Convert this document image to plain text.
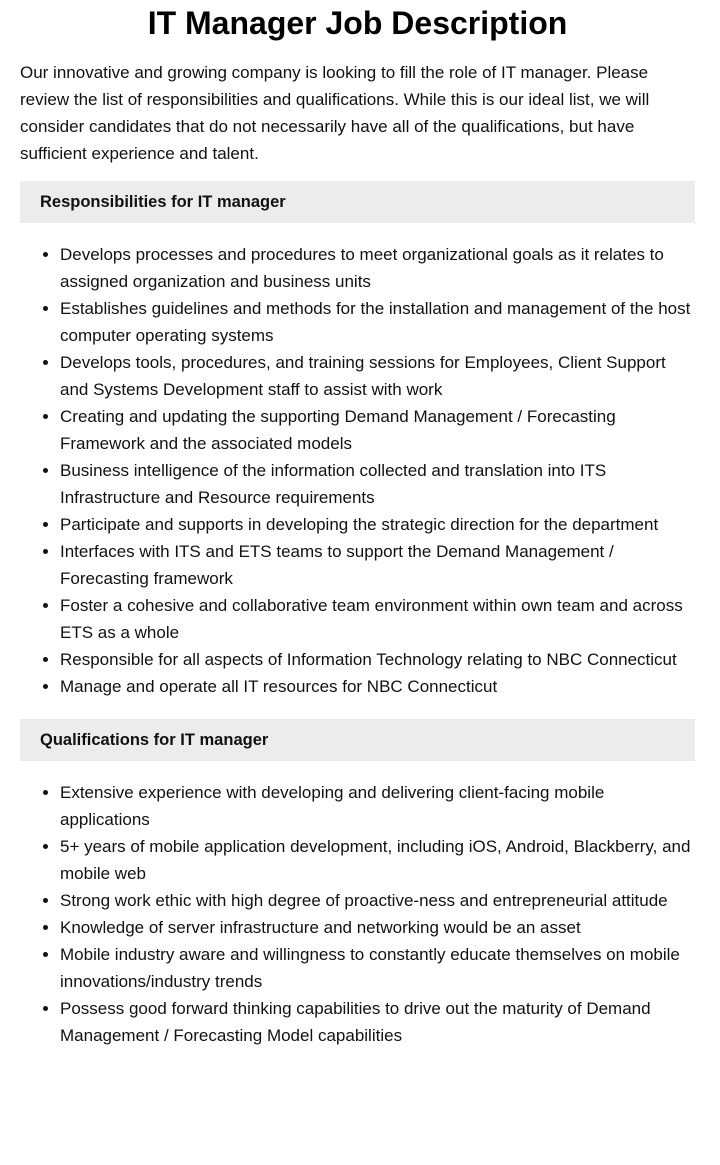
IT Manager Job Description

Our innovative and growing company is looking to fill the role of IT manager. Please review the list of responsibilities and qualifications. While this is our ideal list, we will consider candidates that do not necessarily have all of the qualifications, but have sufficient experience and talent.

Responsibilities for IT manager
• Develops processes and procedures to meet organizational goals as it relates to assigned organization and business units
• Establishes guidelines and methods for the installation and management of the host computer operating systems
• Develops tools, procedures, and training sessions for Employees, Client Support and Systems Development staff to assist with work
• Creating and updating the supporting Demand Management / Forecasting Framework and the associated models
• Business intelligence of the information collected and translation into ITS Infrastructure and Resource requirements
• Participate and supports in developing the strategic direction for the department
• Interfaces with ITS and ETS teams to support the Demand Management / Forecasting framework
• Foster a cohesive and collaborative team environment within own team and across ETS as a whole
• Responsible for all aspects of Information Technology relating to NBC Connecticut
• Manage and operate all IT resources for NBC Connecticut
Qualifications for IT manager
• Extensive experience with developing and delivering client-facing mobile applications
• 5+ years of mobile application development, including iOS, Android, Blackberry, and mobile web
• Strong work ethic with high degree of proactive-ness and entrepreneurial attitude
• Knowledge of server infrastructure and networking would be an asset
• Mobile industry aware and willingness to constantly educate themselves on mobile innovations/industry trends
• Possess good forward thinking capabilities to drive out the maturity of Demand Management / Forecasting Model capabilities
